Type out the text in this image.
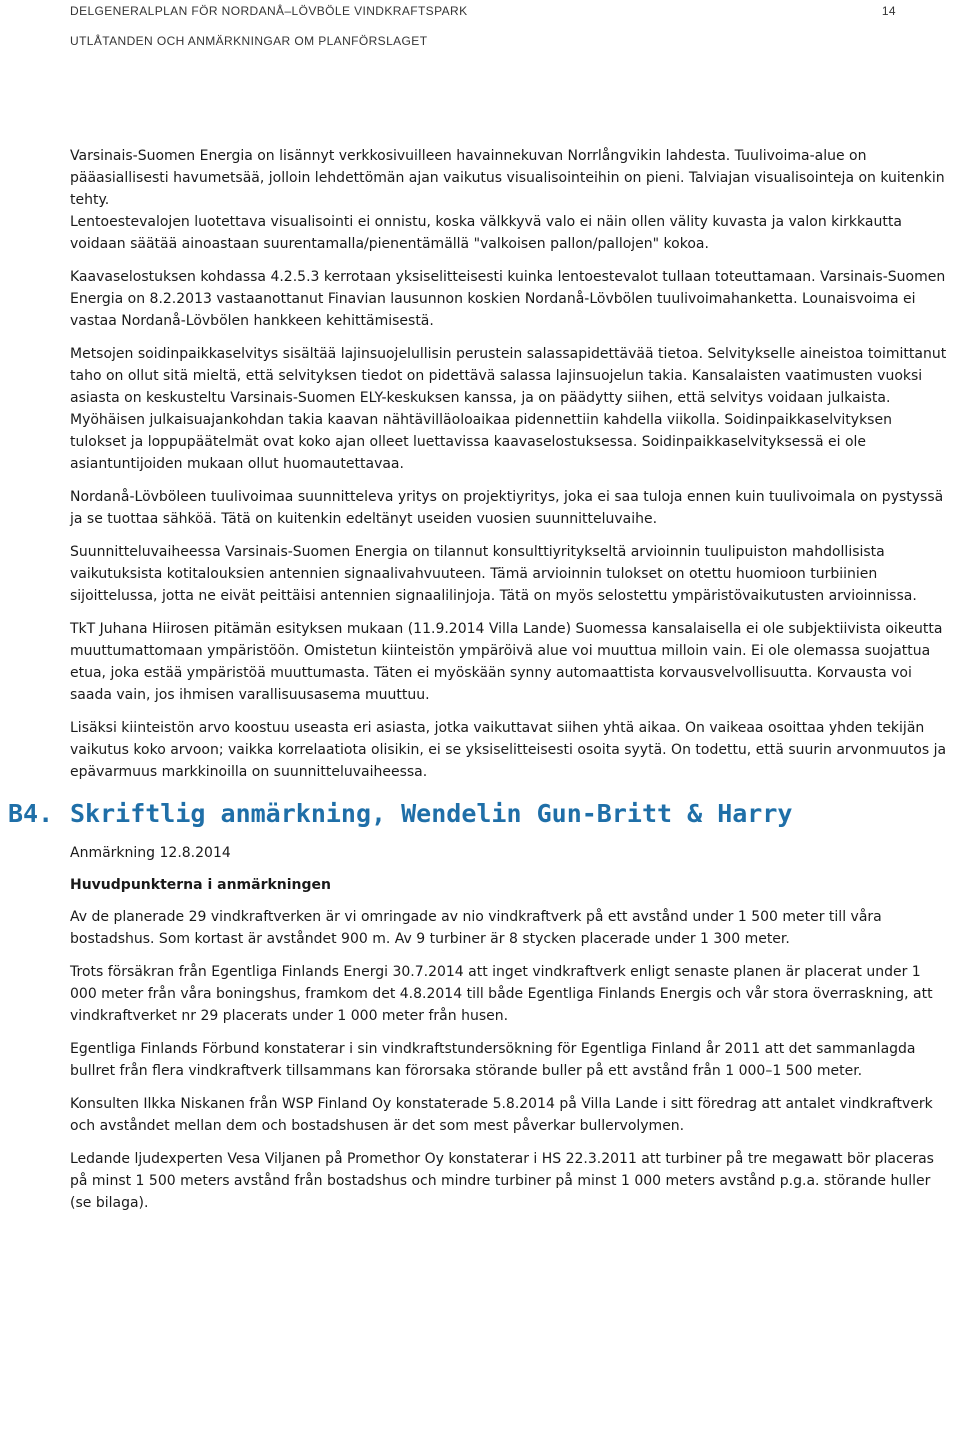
DELGENERALPLAN FÖR NORDANÅ–LÖVBÖLE VINDKRAFTSPARK
UTLÅTANDEN OCH ANMÄRKNINGAR OM PLANFÖRSLAGET
14

Varsinais-Suomen Energia on lisännyt verkkosivuilleen havainnekuvan Norrlångvikin lahdesta. Tuulivoima-alue on pääasiallisesti havumetsää, jolloin lehdettömän ajan vaikutus visualisointeihin on pieni. Talviajan visualisointeja on kuitenkin tehty.

Lentoestevalojen luotettava visualisointi ei onnistu, koska välkkyvä valo ei näin ollen välity kuvasta ja valon kirkkautta voidaan säätää ainoastaan suurentamalla/pienentämällä "valkoisen pallon/pallojen" kokoa.

Kaavaselostuksen kohdassa 4.2.5.3 kerrotaan yksiselitteisesti kuinka lentoestevalot tullaan toteuttamaan. Varsinais-Suomen Energia on 8.2.2013 vastaanottanut Finavian lausunnon koskien Nordanå-Lövbölen tuulivoimahanketta. Lounaisvoima ei vastaa Nordanå-Lövbölen hankkeen kehittämisestä.

Metsojen soidinpaikkaselvitys sisältää lajinsuojelullisin perustein salassapidettävää tietoa. Selvitykselle aineistoa toimittanut taho on ollut sitä mieltä, että selvityksen tiedot on pidettävä salassa lajinsuojelun takia. Kansalaisten vaatimusten vuoksi asiasta on keskusteltu Varsinais-Suomen ELY-keskuksen kanssa, ja on päädytty siihen, että selvitys voidaan julkaista. Myöhäisen julkaisuajankohdan takia kaavan nähtävilläoloaikaa pidennettiin kahdella viikolla. Soidinpaikkaselvityksen tulokset ja loppupäätelmät ovat koko ajan olleet luettavissa kaavaselostuksessa. Soidinpaikkaselvityksessä ei ole asiantuntijoiden mukaan ollut huomautettavaa.

Nordanå-Lövböleen tuulivoimaa suunnitteleva yritys on projektiyritys, joka ei saa tuloja ennen kuin tuulivoimala on pystyssä ja se tuottaa sähköä. Tätä on kuitenkin edeltänyt useiden vuosien suunnitteluvaihe.

Suunnitteluvaiheessa Varsinais-Suomen Energia on tilannut konsulttiyritykseltä arvioinnin tuulipuiston mahdollisista vaikutuksista kotitalouksien antennien signaalivahvuuteen. Tämä arvioinnin tulokset on otettu huomioon turbiinien sijoittelussa, jotta ne eivät peittäisi antennien signaalilinjoja. Tätä on myös selostettu ympäristövaikutusten arvioinnissa.

TkT Juhana Hiirosen pitämän esityksen mukaan (11.9.2014 Villa Lande) Suomessa kansalaisella ei ole subjektiivista oikeutta muuttumattomaan ympäristöön. Omistetun kiinteistön ympäröivä alue voi muuttua milloin vain. Ei ole olemassa suojattua etua, joka estää ympäristöä muuttumasta. Täten ei myöskään synny automaattista korvausvelvollisuutta. Korvausta voi saada vain, jos ihmisen varallisuusasema muuttuu.

Lisäksi kiinteistön arvo koostuu useasta eri asiasta, jotka vaikuttavat siihen yhtä aikaa. On vaikeaa osoittaa yhden tekijän vaikutus koko arvoon; vaikka korrelaatiota olisikin, ei se yksiselitteisesti osoita syytä. On todettu, että suurin arvonmuutos ja epävarmuus markkinoilla on suunnitteluvaiheessa.

B4. Skriftlig anmärkning, Wendelin Gun-Britt & Harry

Anmärkning 12.8.2014

Huvudpunkterna i anmärkningen

Av de planerade 29 vindkraftverken är vi omringade av nio vindkraftverk på ett avstånd under 1 500 meter till våra bostadshus. Som kortast är avståndet 900 m. Av 9 turbiner är 8 stycken placerade under 1 300 meter.

Trots försäkran från Egentliga Finlands Energi 30.7.2014 att inget vindkraftverk enligt senaste planen är placerat under 1 000 meter från våra boningshus, framkom det 4.8.2014 till både Egentliga Finlands Energis och vår stora överraskning, att vindkraftverket nr 29 placerats under 1 000 meter från husen.

Egentliga Finlands Förbund konstaterar i sin vindkraftstundersökning för Egentliga Finland år 2011 att det sammanlagda bullret från flera vindkraftverk tillsammans kan förorsaka störande buller på ett avstånd från 1 000–1 500 meter.

Konsulten Ilkka Niskanen från WSP Finland Oy konstaterade 5.8.2014 på Villa Lande i sitt föredrag att antalet vindkraftverk och avståndet mellan dem och bostadshusen är det som mest påverkar bullervolymen.

Ledande ljudexperten Vesa Viljanen på Promethor Oy konstaterar i HS 22.3.2011 att turbiner på tre megawatt bör placeras på minst 1 500 meters avstånd från bostadshus och mindre turbiner på minst 1 000 meters avstånd p.g.a. störande huller (se bilaga).
